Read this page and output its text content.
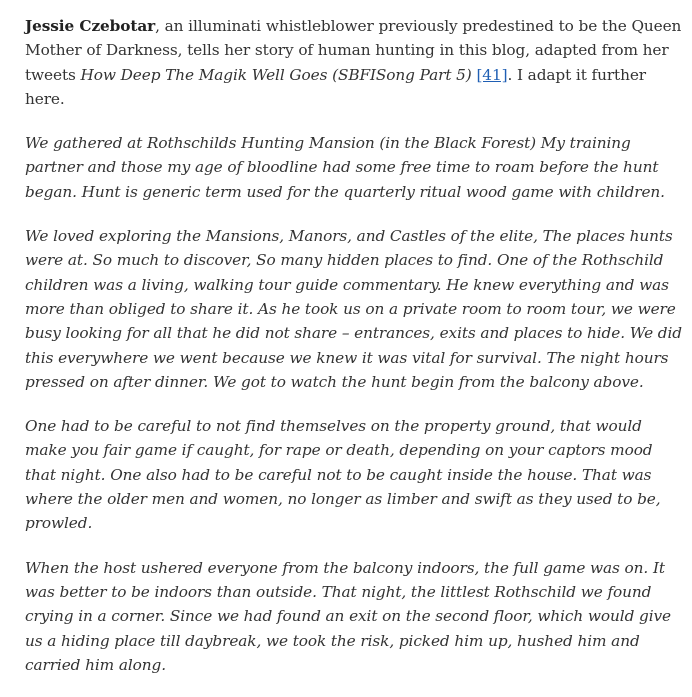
Jessie Czebotar, an illuminati whistleblower previously predestined to be the Queen Mother of Darkness, tells her story of human hunting in this blog, adapted from her tweets How Deep The Magik Well Goes (SBFISong Part 5) [41]. I adapt it further here.

We gathered at Rothschilds Hunting Mansion (in the Black Forest) My training partner and those my age of bloodline had some free time to roam before the hunt began. Hunt is generic term used for the quarterly ritual wood game with children.

We loved exploring the Mansions, Manors, and Castles of the elite, The places hunts were at. So much to discover, So many hidden places to find. One of the Rothschild children was a living, walking tour guide commentary. He knew everything and was more than obliged to share it. As he took us on a private room to room tour, we were busy looking for all that he did not share – entrances, exits and places to hide. We did this everywhere we went because we knew it was vital for survival. The night hours pressed on after dinner. We got to watch the hunt begin from the balcony above.

One had to be careful to not find themselves on the property ground, that would make you fair game if caught, for rape or death, depending on your captors mood that night. One also had to be careful not to be caught inside the house. That was where the older men and women, no longer as limber and swift as they used to be, prowled.

When the host ushered everyone from the balcony indoors, the full game was on. It was better to be indoors than outside. That night, the littlest Rothschild we found crying in a corner. Since we had found an exit on the second floor, which would give us a hiding place till daybreak, we took the risk, picked him up, hushed him and carried him along.
